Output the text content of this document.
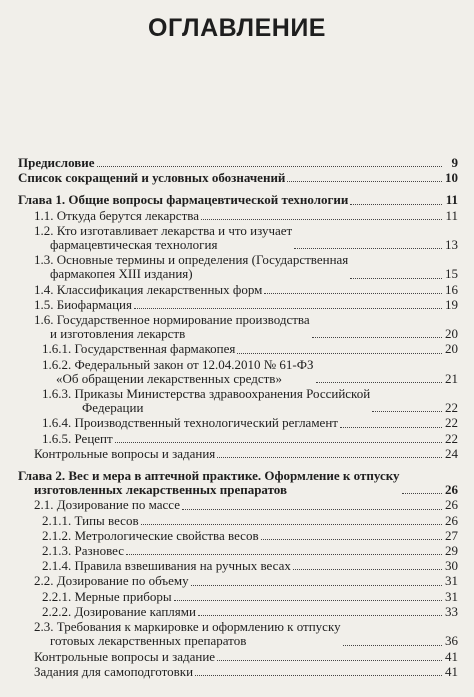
ОГЛАВЛЕНИЕ
Предисловие	9
Список сокращений и условных обозначений	10
Глава 1. Общие вопросы фармацевтической технологии	11
1.1. Откуда берутся лекарства	11
1.2. Кто изготавливает лекарства и что изучает
фармацевтическая технология	13
1.3. Основные термины и определения (Государственная
фармакопея XIII издания)	15
1.4. Классификация лекарственных форм	16
1.5. Биофармация	19
1.6. Государственное нормирование производства
и изготовления лекарств	20
1.6.1. Государственная фармакопея	20
1.6.2. Федеральный закон от 12.04.2010 № 61-ФЗ
«Об обращении лекарственных средств»	21
1.6.3. Приказы Министерства здравоохранения Российской
Федерации	22
1.6.4. Производственный технологический регламент	22
1.6.5. Рецепт	22
Контрольные вопросы и задания	24
Глава 2. Вес и мера в аптечной практике. Оформление к отпуску
изготовленных лекарственных препаратов	26
2.1. Дозирование по массе	26
2.1.1. Типы весов	26
2.1.2. Метрологические свойства весов	27
2.1.3. Разновес	29
2.1.4. Правила взвешивания на ручных весах	30
2.2. Дозирование по объему	31
2.2.1. Мерные приборы	31
2.2.2. Дозирование каплями	33
2.3. Требования к маркировке и оформлению к отпуску
готовых лекарственных препаратов	36
Контрольные вопросы и задание	41
Задания для самоподготовки	41
